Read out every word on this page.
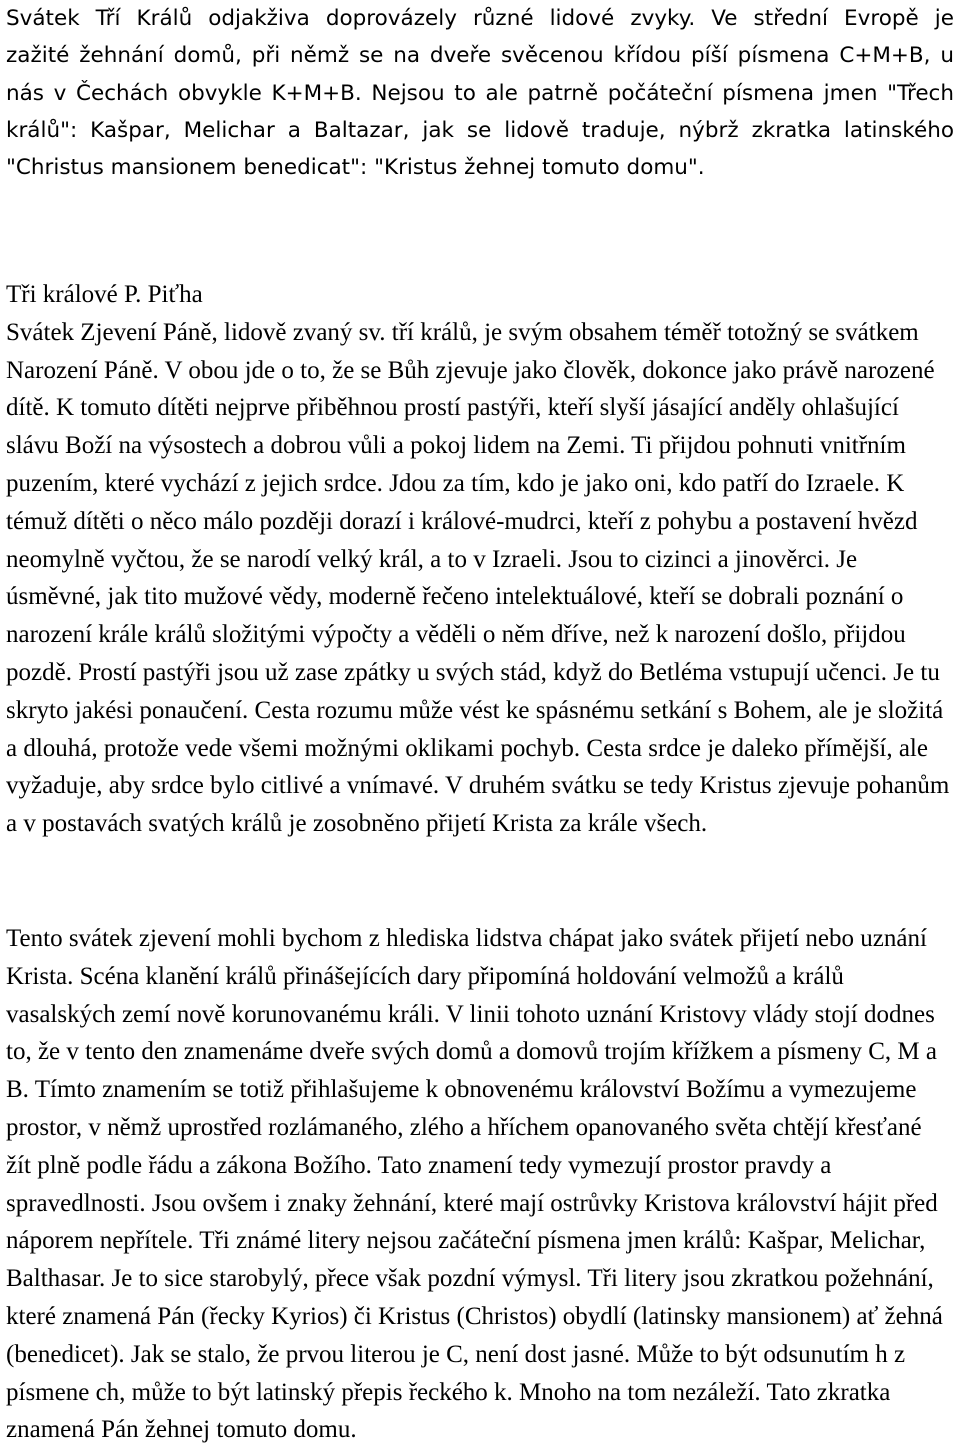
Svátek Tří Králů odjakživa doprovázely různé lidové zvyky. Ve střední Evropě je
zažité žehnání domů, při němž se na dveře svěcenou křídou píší písmena C+M+B, u
nás v Čechách obvykle K+M+B. Nejsou to ale patrně počáteční písmena jmen "Třech
králů": Kašpar, Melichar a Baltazar, jak se lidově traduje, nýbrž zkratka latinského
"Christus mansionem benedicat": "Kristus žehnej tomuto domu".
Tři králové P. Piťha
Svátek Zjevení Páně, lidově zvaný sv. tří králů, je svým obsahem téměř totožný se svátkem
Narození Páně. V obou jde o to, že se Bůh zjevuje jako člověk, dokonce jako právě narozené
dítě. K tomuto dítěti nejprve přiběhnou prostí pastýři, kteří slyší jásající anděly ohlašující
slávu Boží na výsostech a dobrou vůli a pokoj lidem na Zemi. Ti přijdou pohnuti vnitřním
puzením, které vychází z jejich srdce. Jdou za tím, kdo je jako oni, kdo patří do Izraele. K
témuž dítěti o něco málo později dorazí i králové-mudrci, kteří z pohybu a postavení hvězd
neomylně vyčtou, že se narodí velký král, a to v Izraeli. Jsou to cizinci a jinověrci. Je
úsměvné, jak tito mužové vědy, moderně řečeno intelektuálové, kteří se dobrali poznání o
narození krále králů složitými výpočty a věděli o něm dříve, než k narození došlo, přijdou
pozdě. Prostí pastýři jsou už zase zpátky u svých stád, když do Betléma vstupují učenci. Je tu
skryto jakési ponaučení. Cesta rozumu může vést ke spásnému setkání s Bohem, ale je složitá
a dlouhá, protože vede všemi možnými oklikami pochyb. Cesta srdce je daleko přímější, ale
vyžaduje, aby srdce bylo citlivé a vnímavé. V druhém svátku se tedy Kristus zjevuje pohanům
a v postavách svatých králů je zosobněno přijetí Krista za krále všech.
Tento svátek zjevení mohli bychom z hlediska lidstva chápat jako svátek přijetí nebo uznání
Krista. Scéna klanění králů přinášejících dary připomíná holdování velmožů a králů
vasalských zemí nově korunovanému králi. V linii tohoto uznání Kristovy vlády stojí dodnes
to, že v tento den znamenáme dveře svých domů a domovů trojím křížkem a písmeny C, M a
B. Tímto znamením se totiž přihlašujeme k obnovenému království Božímu a vymezujeme
prostor, v němž uprostřed rozlámaného, zlého a hříchem opanovaného světa chtějí křesťané
žít plně podle řádu a zákona Božího. Tato znamení tedy vymezují prostor pravdy a
spravedlnosti. Jsou ovšem i znaky žehnání, které mají ostrůvky Kristova království hájit před
náporem nepřítele. Tři známé litery nejsou začáteční písmena jmen králů: Kašpar, Melichar,
Balthasar. Je to sice starobylý, přece však pozdní výmysl. Tři litery jsou zkratkou požehnání,
které znamená Pán (řecky Kyrios) či Kristus (Christos) obydlí (latinsky mansionem) ať žehná
(benedicet). Jak se stalo, že prvou literou je C, není dost jasné. Může to být odsunutím h z
písmene ch, může to být latinský přepis řeckého k. Mnoho na tom nezáleží. Tato zkratka
znamená Pán žehnej tomuto domu.
